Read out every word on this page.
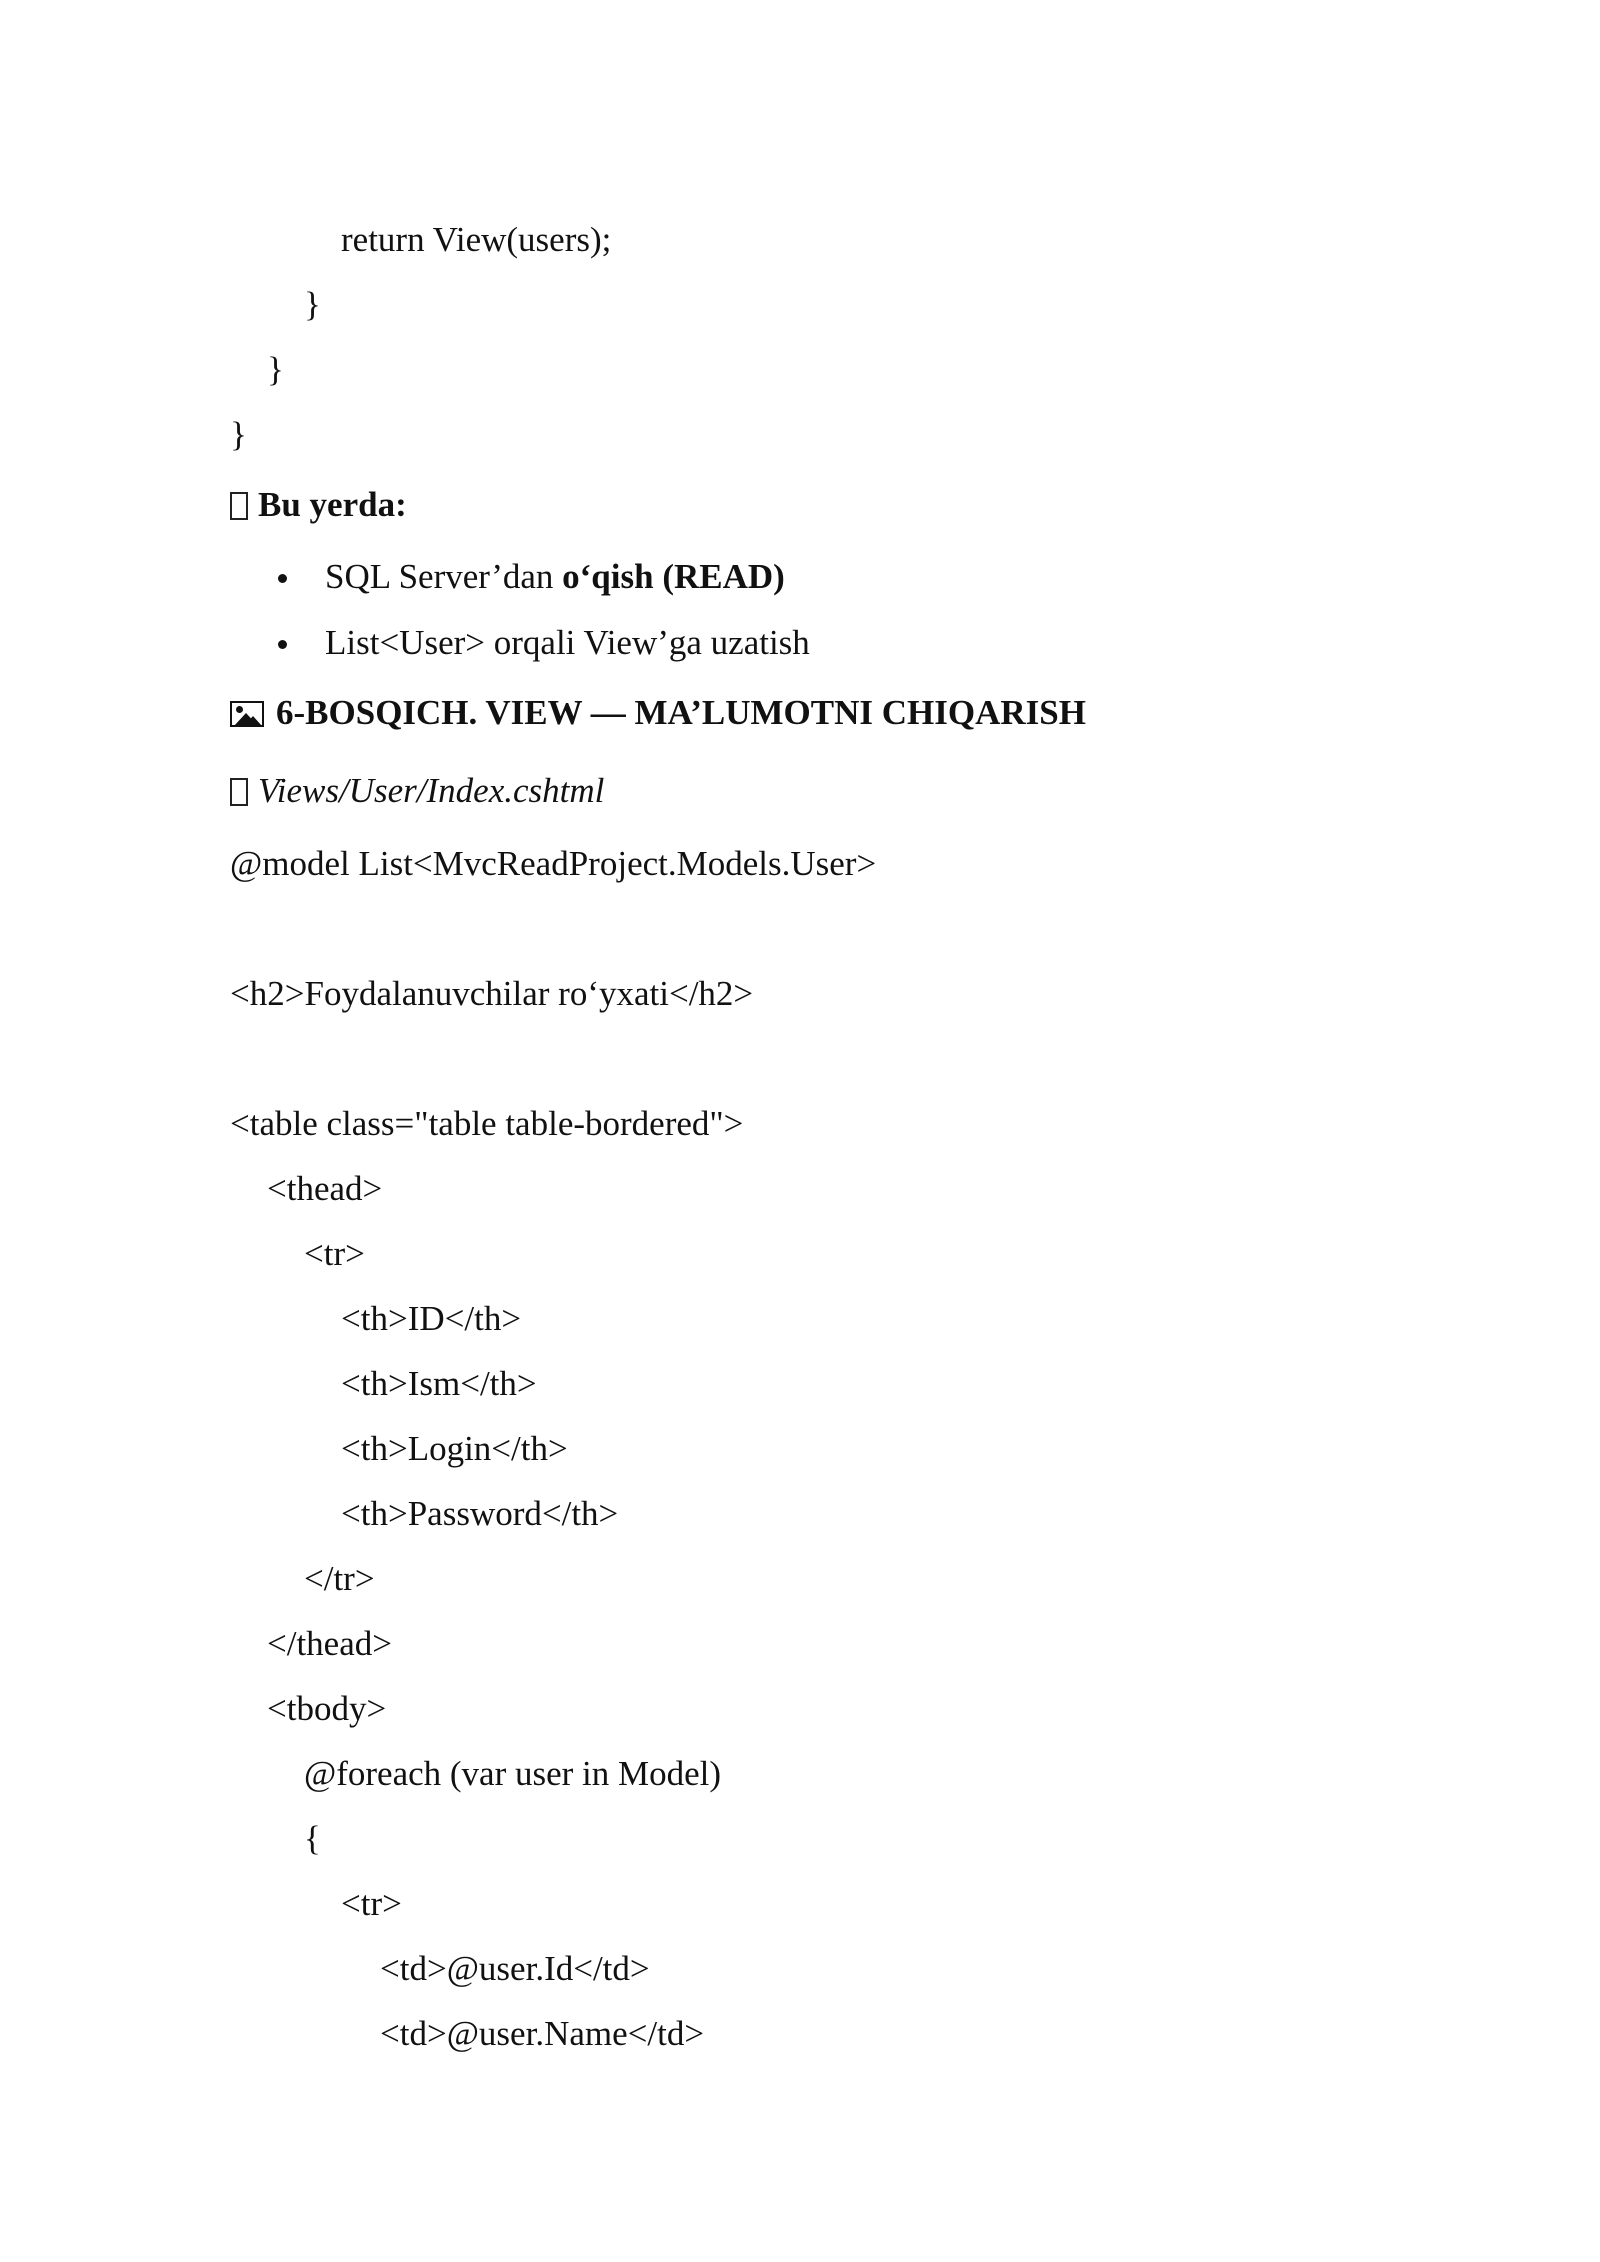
return View(users);
}
}
}
Bu yerda:
SQL Server’dan o‘qish (READ)
List<User> orqali View’ga uzatish
6-BOSQICH. VIEW — MA’LUMOTNI CHIQARISH
Views/User/Index.cshtml
@model List<MvcReadProject.Models.User>
<h2>Foydalanuvchilar ro‘yxati</h2>
<table class="table table-bordered">
<thead>
<tr>
<th>ID</th>
<th>Ism</th>
<th>Login</th>
<th>Password</th>
</tr>
</thead>
<tbody>
@foreach (var user in Model)
{
<tr>
<td>@user.Id</td>
<td>@user.Name</td>
